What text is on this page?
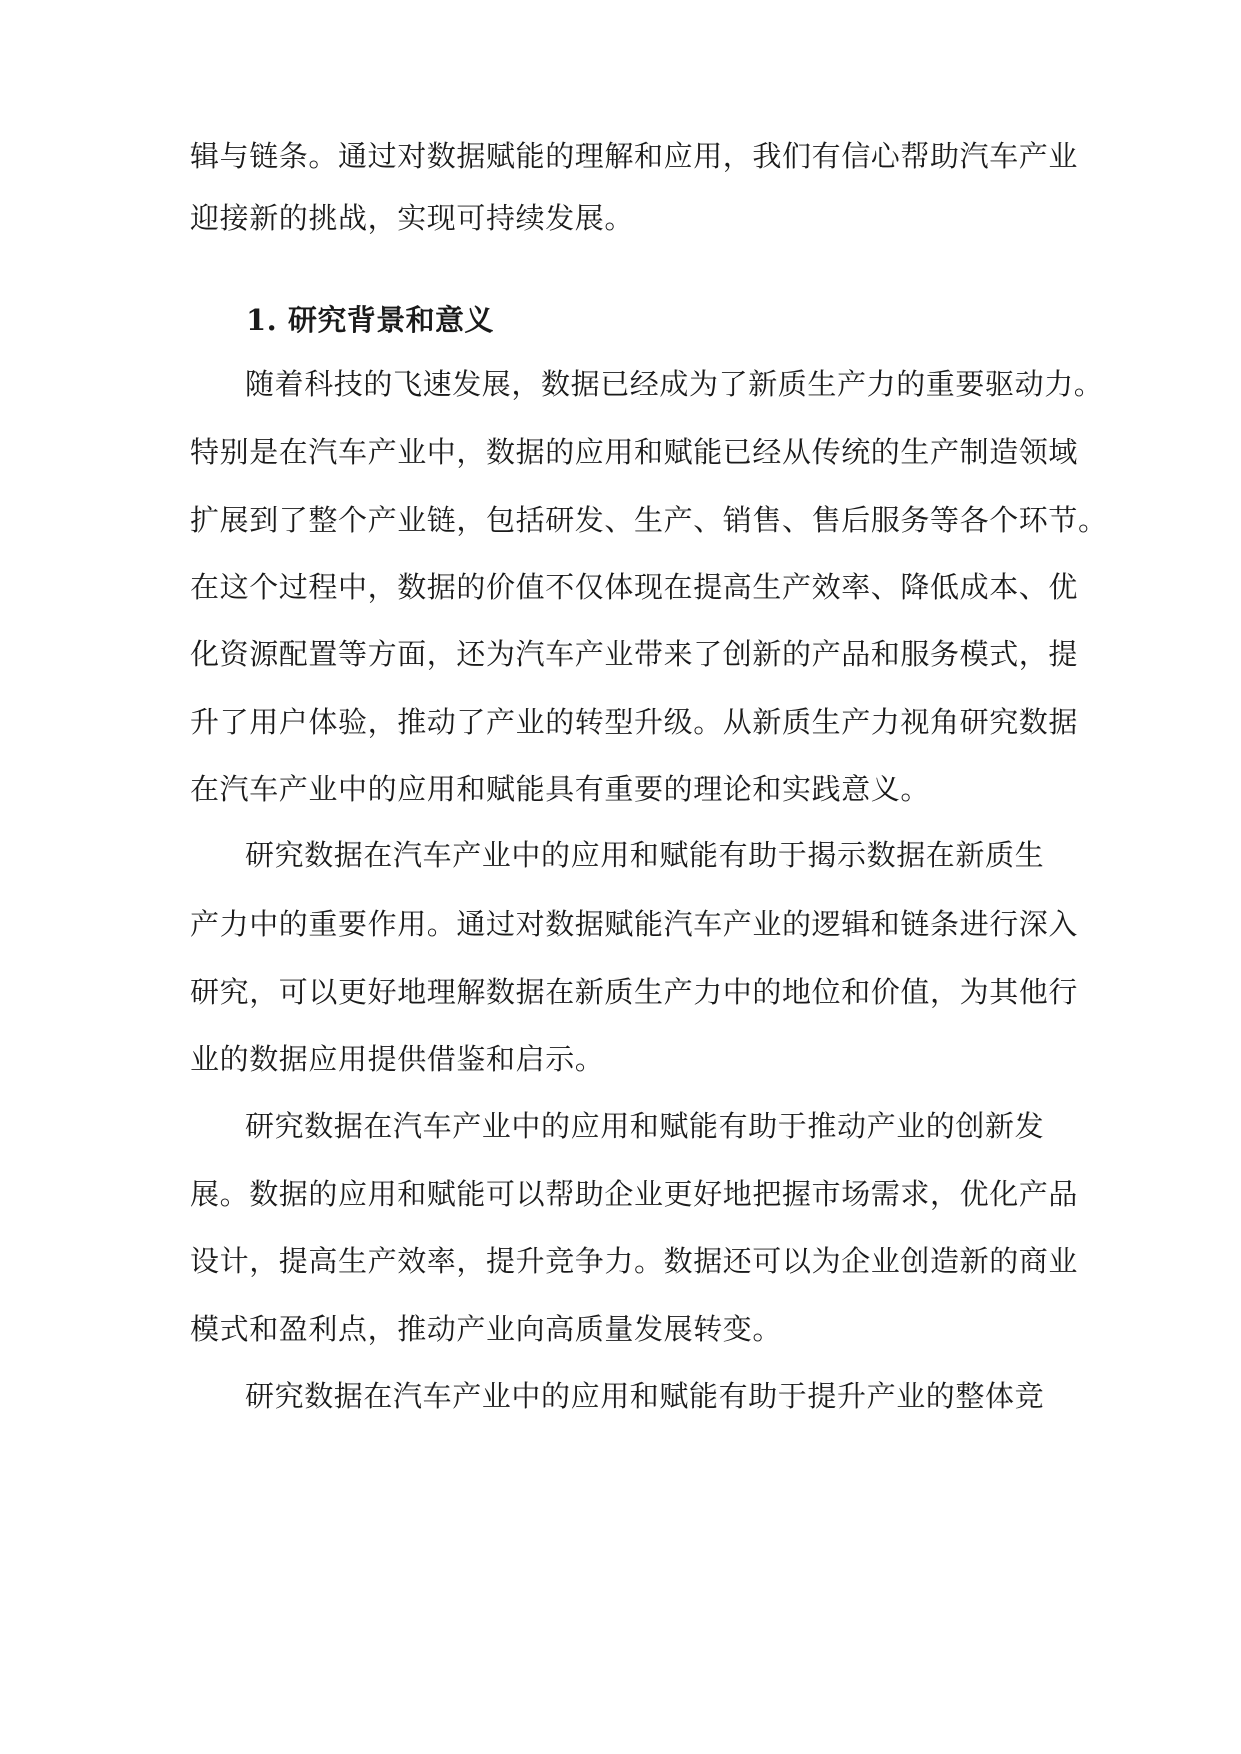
辑与链条。通过对数据赋能的理解和应用，我们有信心帮助汽车产业
迎接新的挑战，实现可持续发展。
1. 研究背景和意义
随着科技的飞速发展，数据已经成为了新质生产力的重要驱动力。
特别是在汽车产业中，数据的应用和赋能已经从传统的生产制造领域
扩展到了整个产业链，包括研发、生产、销售、售后服务等各个环节。
在这个过程中，数据的价值不仅体现在提高生产效率、降低成本、优
化资源配置等方面，还为汽车产业带来了创新的产品和服务模式，提
升了用户体验，推动了产业的转型升级。从新质生产力视角研究数据
在汽车产业中的应用和赋能具有重要的理论和实践意义。
研究数据在汽车产业中的应用和赋能有助于揭示数据在新质生
产力中的重要作用。通过对数据赋能汽车产业的逻辑和链条进行深入
研究，可以更好地理解数据在新质生产力中的地位和价值，为其他行
业的数据应用提供借鉴和启示。
研究数据在汽车产业中的应用和赋能有助于推动产业的创新发
展。数据的应用和赋能可以帮助企业更好地把握市场需求，优化产品
设计，提高生产效率，提升竞争力。数据还可以为企业创造新的商业
模式和盈利点，推动产业向高质量发展转变。
研究数据在汽车产业中的应用和赋能有助于提升产业的整体竞
